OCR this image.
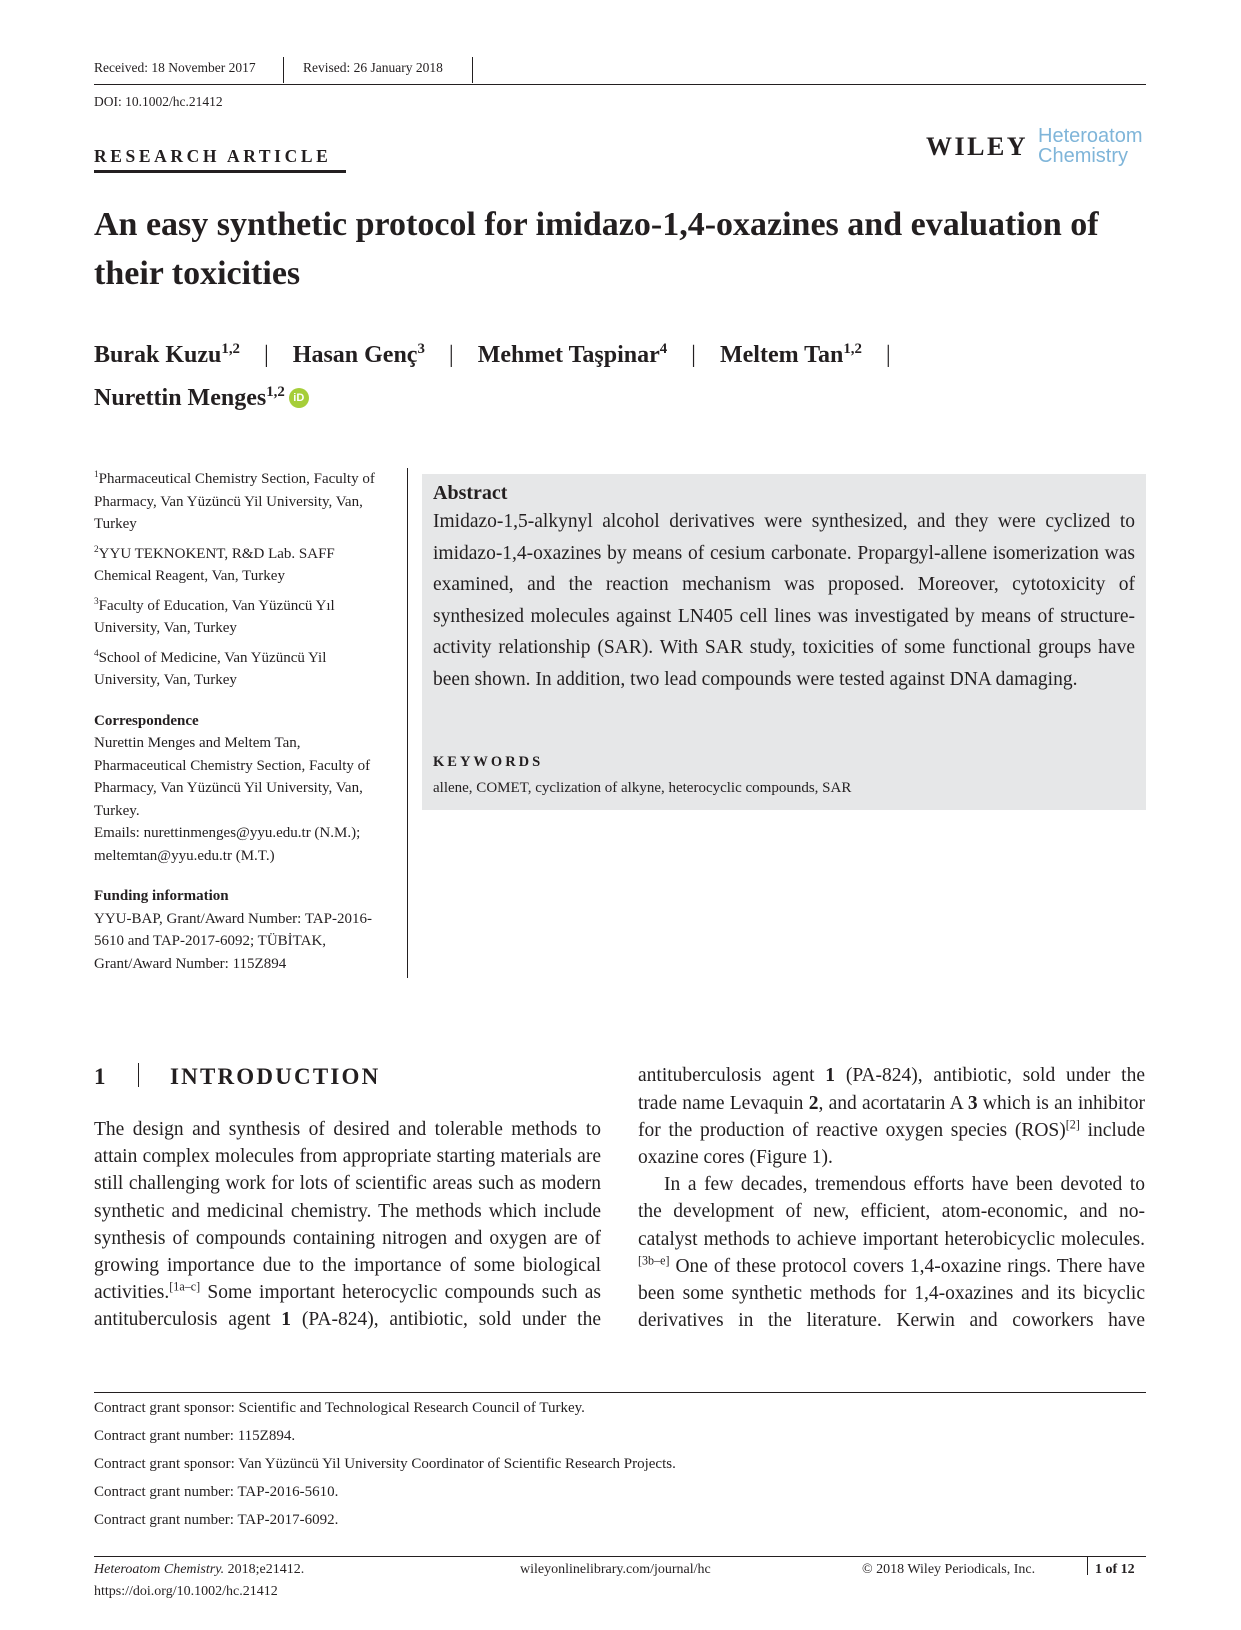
Received: 18 November 2017	Revised: 26 January 2018
DOI: 10.1002/hc.21412
RESEARCH ARTICLE	WILEY Heteroatom
Chemistry
An easy synthetic protocol for imidazo-1,4-oxazines and evaluation of their toxicities
Burak Kuzu$^{1,2}$ | Hasan Genç$^3$ | Mehmet Taşpinar$^4$ | Meltem Tan$^{1,2}$ |
Nurettin Menges$^{1,2}$ iD
$^1$Pharmaceutical Chemistry Section, Faculty of Pharmacy, Van Yüzüncü Yil University, Van, Turkey
$^2$YYU TEKNOKENT, R&D Lab. SAFF Chemical Reagent, Van, Turkey
$^3$Faculty of Education, Van Yüzüncü Yıl University, Van, Turkey
$^4$School of Medicine, Van Yüzüncü Yil University, Van, Turkey
Correspondence
Nurettin Menges and Meltem Tan, Pharmaceutical Chemistry Section, Faculty of Pharmacy, Van Yüzüncü Yil University, Van, Turkey.
Emails: nurettinmenges@yyu.edu.tr (N.M.); meltemtan@yyu.edu.tr (M.T.)
Funding information
YYU-BAP, Grant/Award Number: TAP-2016-5610 and TAP-2017-6092; TÜBİTAK, Grant/Award Number: 115Z894
Abstract
Imidazo-1,5-alkynyl alcohol derivatives were synthesized, and they were cyclized to imidazo-1,4-oxazines by means of cesium carbonate. Propargyl-allene isomerization was examined, and the reaction mechanism was proposed. Moreover, cytotoxicity of synthesized molecules against LN405 cell lines was investigated by means of structure-activity relationship (SAR). With SAR study, toxicities of some functional groups have been shown. In addition, two lead compounds were tested against DNA damaging.
KEYWORDS
allene, COMET, cyclization of alkyne, heterocyclic compounds, SAR
1	INTRODUCTION
The design and synthesis of desired and tolerable methods to attain complex molecules from appropriate starting materials are still challenging work for lots of scientific areas such as modern synthetic and medicinal chemistry. The methods which include synthesis of compounds containing nitrogen and oxygen are of growing importance due to the importance of some biological activities.[1a–c] Some important heterocyclic compounds such as antituberculosis agent 1 (PA-824), antibiotic, sold under the
antituberculosis agent 1 (PA-824), antibiotic, sold under the trade name Levaquin 2, and acortatarin A 3 which is an inhibitor for the production of reactive oxygen species (ROS)[2] include oxazine cores (Figure 1).
In a few decades, tremendous efforts have been devoted to the development of new, efficient, atom-economic, and no-catalyst methods to achieve important heterobicyclic molecules.[3b–e] One of these protocol covers 1,4-oxazine rings. There have been some synthetic methods for 1,4-oxazines and its bicyclic derivatives in the literature. Kerwin and coworkers have
Contract grant sponsor: Scientific and Technological Research Council of Turkey.
Contract grant number: 115Z894.
Contract grant sponsor: Van Yüzüncü Yil University Coordinator of Scientific Research Projects.
Contract grant number: TAP-2016-5610.
Contract grant number: TAP-2017-6092.
Heteroatom Chemistry. 2018;e21412.
https://doi.org/10.1002/hc.21412
wileyonlinelibrary.com/journal/hc	© 2018 Wiley Periodicals, Inc.	1 of 12
